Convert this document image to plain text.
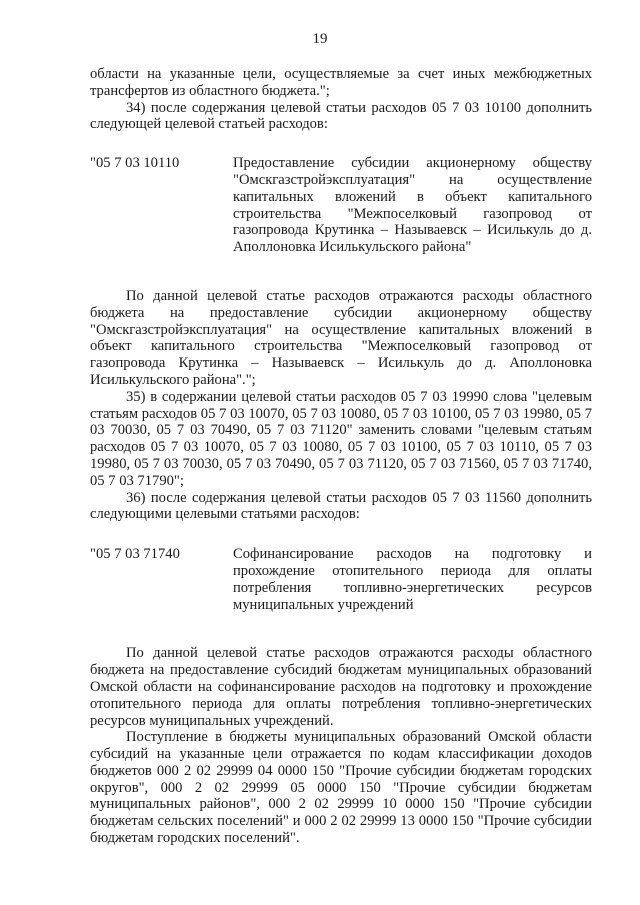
19

области на указанные цели, осуществляемые за счет иных межбюджетных трансфертов из областного бюджета.";

34) после содержания целевой статьи расходов 05 7 03 10100 дополнить следующей целевой статьей расходов:

"05 7 03 10110	Предоставление субсидии акционерному обществу "Омскгазстройэксплуатация" на осуществление капитальных вложений в объект капитального строительства "Межпоселковый газопровод от газопровода Крутинка – Называевск – Исилькуль до д. Аполлоновка Исилькульского района"

По данной целевой статье расходов отражаются расходы областного бюджета на предоставление субсидии акционерному обществу "Омскгазстройэксплуатация" на осуществление капитальных вложений в объект капитального строительства "Межпоселковый газопровод от газопровода Крутинка – Называевск – Исилькуль до д. Аполлоновка Исилькульского района".";

35) в содержании целевой статьи расходов 05 7 03 19990 слова "целевым статьям расходов 05 7 03 10070, 05 7 03 10080, 05 7 03 10100, 05 7 03 19980, 05 7 03 70030, 05 7 03 70490, 05 7 03 71120" заменить словами "целевым статьям расходов 05 7 03 10070, 05 7 03 10080, 05 7 03 10100, 05 7 03 10110, 05 7 03 19980, 05 7 03 70030, 05 7 03 70490, 05 7 03 71120, 05 7 03 71560, 05 7 03 71740, 05 7 03 71790";

36) после содержания целевой статьи расходов 05 7 03 11560 дополнить следующими целевыми статьями расходов:

"05 7 03 71740	Софинансирование расходов на подготовку и прохождение отопительного периода для оплаты потребления топливно-энергетических ресурсов муниципальных учреждений

По данной целевой статье расходов отражаются расходы областного бюджета на предоставление субсидий бюджетам муниципальных образований Омской области на софинансирование расходов на подготовку и прохождение отопительного периода для оплаты потребления топливно-энергетических ресурсов муниципальных учреждений.

Поступление в бюджеты муниципальных образований Омской области субсидий на указанные цели отражается по кодам классификации доходов бюджетов 000 2 02 29999 04 0000 150 "Прочие субсидии бюджетам городских округов", 000 2 02 29999 05 0000 150 "Прочие субсидии бюджетам муниципальных районов", 000 2 02 29999 10 0000 150 "Прочие субсидии бюджетам сельских поселений" и 000 2 02 29999 13 0000 150 "Прочие субсидии бюджетам городских поселений".
